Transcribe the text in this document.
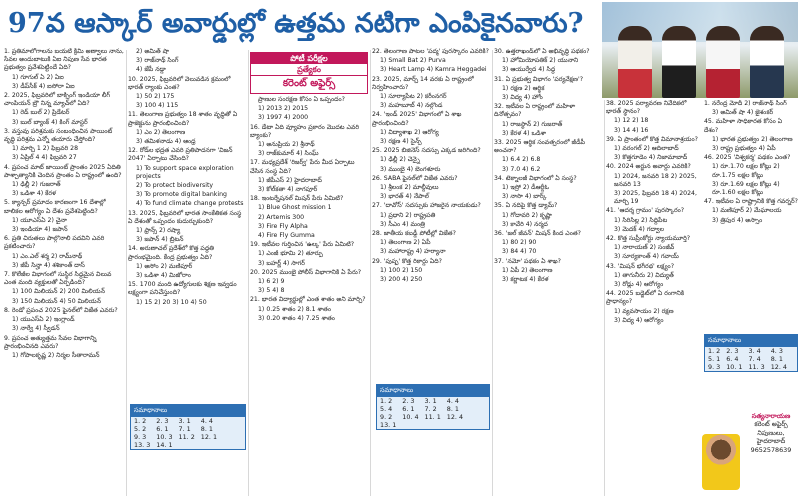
97వ ఆస్కార్ అవార్డుల్లో ఉత్తమ నటిగా ఎంపికైనవారు?
పోటీ పరీక్షల
ప్రత్యేకం
కరెంట్ అఫైర్స్

1. ప్రతిమాలోగాలను బయటి క్రిమి అణ్వాలు నాను, సేవల అందుబాటుకి ఏఐ నిపుణ సేవ భారత ప్రభుత్వం ప్రవేశపెట్టిందే ఏది?

1) గూగుల్ ఏ 2) ఏఐ

3) డీప్‌సీక్ 4) ఐసోరా ఏఐ

2. 2025, ఫిబ్రవరిలో బాక్సింగ్ ఇండియా లీగ్ చాంపియన్ బ్రౌ నిన్న మ్యాచ్‌లో ఏది?

1) రెడ్ బుల్ 2) ప్రిడేటర్

3) బుల్ బ్యాంక్ 4) కింగ్ మాస్టర్

3. వస్తువు పరిశ్రమకు సంబంధించిన పాయింట్ వృద్ధి పరిశ్రమ ఎన్నో తయారు చేస్తోంది?

1) మార్చి 1 2) ఫిబ్రవరి 28

3) ఏప్రిల్ 4 4) ఫిబ్రవరి 27

4. ప్రపంచ మాట్ జాయింట్ ప్రాంతం 2025 ఏదితి పాశ్చాత్యానికి చెందిన ప్రాంతం ఏ రాష్ట్రంలో ఉంది?

1) ఢిల్లీ 2) గుజరాత్

3) ఒడిశా 4) కేరళ

5. క్యాన్సర్ ప్రమాదం కారణంగా 16 దేశాల్లో బాలికల ఆరోగ్యం ఏ దేశం ప్రవేశపెట్టింది?

1) యూఎస్ఏ 2) చైనా

3) ఇండియా 4) జపాన్

6. ప్రతి చిరుతలు పాల్గొనాలి పదవిని ఎవరి ప్రకటించారు?

1) ఎం.ఎల్ శర్మ 2) రామ్‌నాథ్

3) జీపీ సిన్హా 4) శశికాంత్ దాస్

7. కొలేజీల విభాగంలో సుస్థిర సిద్ధమైన విలువ ఎంత మంది వ్యక్తులతో ఏర్పడింది?

1) 100 మిలియన్ 2) 200 మిలియన్

3) 150 మిలియన్ 4) 50 మిలియన్

8. రెండో ప్రపంచ 2025 ఫైనల్‌లో విజేత ఎవరు?

1) యుఎస్ఏ 2) ఇంగ్లాండ్

3) నార్వే 4) స్వీడన్

9. ప్రపంచ అత్యుత్తమ సేవల విభాగాన్ని ప్రారంభించినది ఎవరు?

1) గోపాలకృష్ణ 2) నిర్మల సీతారామన్

2) అమిత్ షా

3) రాజ్‌నాథ్ సింగ్

4) జేపీ నడ్డా

10. 2025, ఫిబ్రవరిలో వెలువడిన క్రమంలో భారత్ ర్యాంకు ఎంత?

1) 50 2) 175

3) 100 4) 115

11. తెలంగాణ ప్రభుత్వం 18 శాతం వృద్ధితో ఏ ప్రాజెక్టును ప్రారంభించింది?

1) ఎం 2) తెలంగాణ

3) తమిళనాడు 4) ఆంధ్ర

12. రోడ్‌ల భద్రత ఎవరి ప్రతిపాదనగా 'విజన్ 2047' ఏర్పాటు చేసింది?

1) To support space exploration projects

2) To protect biodiversity

3) To promote digital banking

4) To fund climate change protests

13. 2025, ఫిబ్రవరిలో భారత సాంకేతికత సంస్థ ఏ దేశంతో ఒప్పందం కుదుర్చుకుంది?

1) ఫ్రాన్స్ 2) రష్యా

3) జపాన్ 4) బ్రిటన్

14. అరుణాచల్ ప్రదేశ్‌లో కొత్త పద్ధతి ప్రారంభమైంది. కేంద్ర ప్రభుత్వం ఏది?

1) అసోం 2) మణిపూర్

3) ఒడిశా 4) మిజోరాం

15. 1700 మంది ఉద్యోగులకు శిక్షణ ఇవ్వడం లక్ష్యంగా పనిచేస్తుంది?

1) 15 2) 20 3) 10 4) 50

ప్రాణుల సంరక్షణ కోసం ఏ ఒప్పందం?

1) 2013 2) 2015

3) 1997 4) 2000

16. డేటా ఏది వ్యూహం ప్రకారం మొదట ఎవరి బ్యాంకు?

1) అనుప్రియ 2) శ్రీనాథ్

3) రాజ్‌కుమార్ 4) సింఘ్

17. మధ్యప్రదేశ్ 'రిజర్వ్' పేరు మీద ఏర్పాటు చేసిన సంస్థ ఏది?

1) జీపీఎస్ 2) హైదరాబాద్

3) కోల్‌కతా 4) నాగపూర్

18. ఇంటర్నేషనల్ మిషన్ పేరు ఏమిటి?

1) Blue Ghost mission 1

2) Artemis 300

3) Fire Fly Alpha

4) Fire Fly Gumma

19. ఇటీవల గుర్తించిన 'ఉల్క' పేరు ఏమిటి?

1) ఎంజీ భూమి 2) తూర్పు

3) బహర్ణ్ 4) సాగర్

20. 2025 ముంబై పోలీస్ విభాగానికి ఏ పేరు?

1) 6 2) 9

3) 5 4) 8

21. భారత విద్యార్థుల్లో ఎంత శాతం అని మార్చి?

1) 0.25 శాతం 2) 8.1 శాతం

3) 0.20 శాతం 4) 7.25 శాతం

22. తెలంగాణ పాటల 'పద్మ' పురస్కారం ఎవరికి?

1) Small Bat 2) Purva

3) Heart Lamp 4) Kamra Heggadei

23. 2025, మార్చ్ 14 వరకు ఏ రాష్ట్రంలో నిర్వహించారు?

1) సూర్యాపేట 2) కరీంనగర్

3) మహబూబ్ 4) నల్గొండ

24. 'ఇండ్ 2025' విభాగంలో ఏ శాఖ ప్రారంభించింది?

1) విద్యాశాఖ 2) ఆరోగ్య

3) రక్షణ 4) సైన్స్

25. 2025 బిజినెస్ సదస్సు ఎక్కడ జరిగింది?

1) ఢిల్లీ 2) చెన్నై

3) ముంబై 4) బెంగళూరు

26. SABA ఫైనల్‌లో విజేత ఎవరు?

1) శ్రీలంక 2) మాల్దీవులు

3) భారత్ 4) నేపాల్

27. 'దావోస్' సదస్సుకు హాజరైన నాయకుడు?

1) ప్రధాని 2) రాష్ట్రపతి

3) సీఎం 4) మంత్రి

28. జాతీయ కబడ్డీ పోటీల్లో విజేత?

1) తెలంగాణ 2) ఏపీ

3) మహారాష్ట్ర 4) హర్యానా

29. 'పుష్ప' కొత్త రికార్డు ఏది?

1) 100 2) 150

3) 200 4) 250

30. ఉత్తరాఖండ్‌లో ఏ అభివృద్ధి పథకం?

1) హోమియోపతిక్ 2) యునాని

3) ఆయుర్వేద 4) సిద్ధ

31. ఏ ప్రభుత్వ విభాగం 'పర్యవేక్షణ'?

1) రక్షణ 2) ఆర్థిక

3) విద్య 4) హోం

32. ఇటీవల ఏ రాష్ట్రంలో మహిళా దినోత్సవం?

1) రాజస్థాన్ 2) గుజరాత్

3) కేరళ 4) ఒడిశా

33. 2025 ఆర్థిక సంవత్సరంలో జీడీపీ అంచనా?

1) 6.4 2) 6.8

3) 7.0 4) 6.2

34. టెక్నాలజీ విభాగంలో ఏ సంస్థ?

1) ఇస్రో 2) డీఆర్డీఓ

3) నాసా 4) బార్క్

35. ఏ నదిపై కొత్త డ్యామ్?

1) గోదావరి 2) కృష్ణా

3) కావేరి 4) నర్మద

36. 'జల్ జీవన్' మిషన్ కింద ఎంత?

1) 80 2) 90

3) 84 4) 70

37. 'నమో' పథకం ఏ శాఖ?

1) ఏపీ 2) తెలంగాణ

3) కర్ణాటక 4) కేరళ

38. 2025 పర్యావరణ నివేదికలో భారత్ స్థానం?

1) 12 2) 18

3) 14 4) 16

39. ఏ ప్రాంతంలో కొత్త విమానాశ్రయం?

1) వరంగల్ 2) ఆదిలాబాద్

3) కొత్తగూడెం 4) నిజామాబాద్

40. 2024 అర్జున అవార్డు ఎవరికి?

1) 2024, జనవరి 18 2) 2025, జనవరి 13

3) 2025, ఫిబ్రవరి 18 4) 2024, మార్చి 19

41. 'ఆదర్శ గ్రామం' పురస్కారం?

1) సిరిసిల్ల 2) సిద్దిపేట

3) మెదక్ 4) గద్వాల

42. కొత్త సుప్రీంకోర్టు న్యాయమూర్తి?

1) నారాయణ్ 2) సంజీవ్

3) సూర్యకాంత్ 4) గవాయ్

43. 'మిషన్ భగీరథ' లక్ష్యం?

1) తాగునీరు 2) విద్యుత్

3) రోడ్లు 4) ఆరోగ్యం

44. 2025 బడ్జెట్‌లో ఏ రంగానికి ప్రాధాన్యం?

1) వ్యవసాయం 2) రక్షణ

3) విద్య 4) ఆరోగ్యం

1. నరేంద్ర మోదీ 2) రాజ్‌నాథ్ సింగ్

3) అమిత్ షా 4) జైశంకర్

45. మహిళా సాధికారత కోసం ఏ దేశం?

1) భారత ప్రభుత్వం 2) తెలంగాణ

3) రాష్ట్ర ప్రభుత్వం 4) ఏపీ

46. 2025 'విశ్వకర్మ' పథకం ఎంత?

1) రూ.1.70 లక్షల కోట్లు 2) రూ.1.75 లక్షల కోట్లు

3) రూ.1.69 లక్షల కోట్లు 4) రూ.1.60 లక్షల కోట్లు

47. ఇటీవల ఏ రాష్ట్రానికి కొత్త గవర్నర్?

1) మణిపూర్ 2) మేఘాలయ

3) త్రిపుర 4) అస్సాం

సమాధానాలు
1. 2	2. 3	3. 1	4. 4
5. 2	6. 1	7. 1	8. 1
9. 3	10. 3	11. 2	12. 1
13. 3	14. 1		
సమాధానాలు
1. 2	2. 3	3. 1	4. 4
5. 4	6. 1	7. 2	8. 1
9. 2	10. 4	11. 1	12. 4
13. 1			
సమాధానాలు
1. 2	2. 3	3. 4	4. 3
5. 1	6. 4	7. 4	8. 1
9. 3	10. 1	11. 3	12. 4
సత్యనారాయణ
కరెంట్ అఫైర్స్ నిపుణులు, హైదరాబాద్
9652578639
